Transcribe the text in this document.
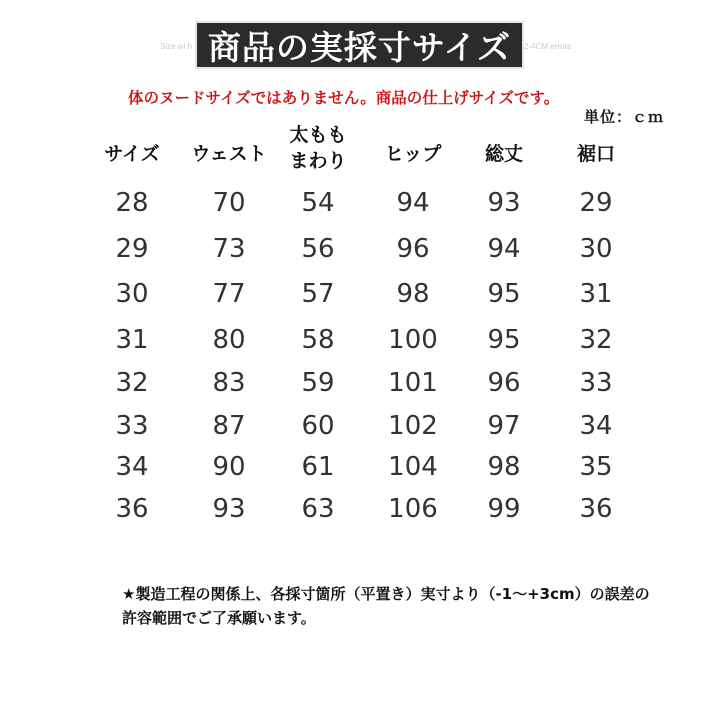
商品の実採寸サイズ
Size wi h	2-4CM errors
体のヌードサイズではありません。商品の仕上げサイズです。
単位：ｃｍ
サイズ ウェスト
太もも
まわり ヒップ 総丈	裾口
28 70 54 94 93 29
29 73 56 96 94 30
30 77 57 98 95 31
31 80 58 100 95 32
32 83 59 101 96 33
33 87 60 102 97 34
34 90 61 104 98 35
36 93 63 106 99 36
★製造工程の関係上、各採寸箇所（平置き）実寸より（-1～+3cm）の誤差の
許容範囲でご了承願います。
